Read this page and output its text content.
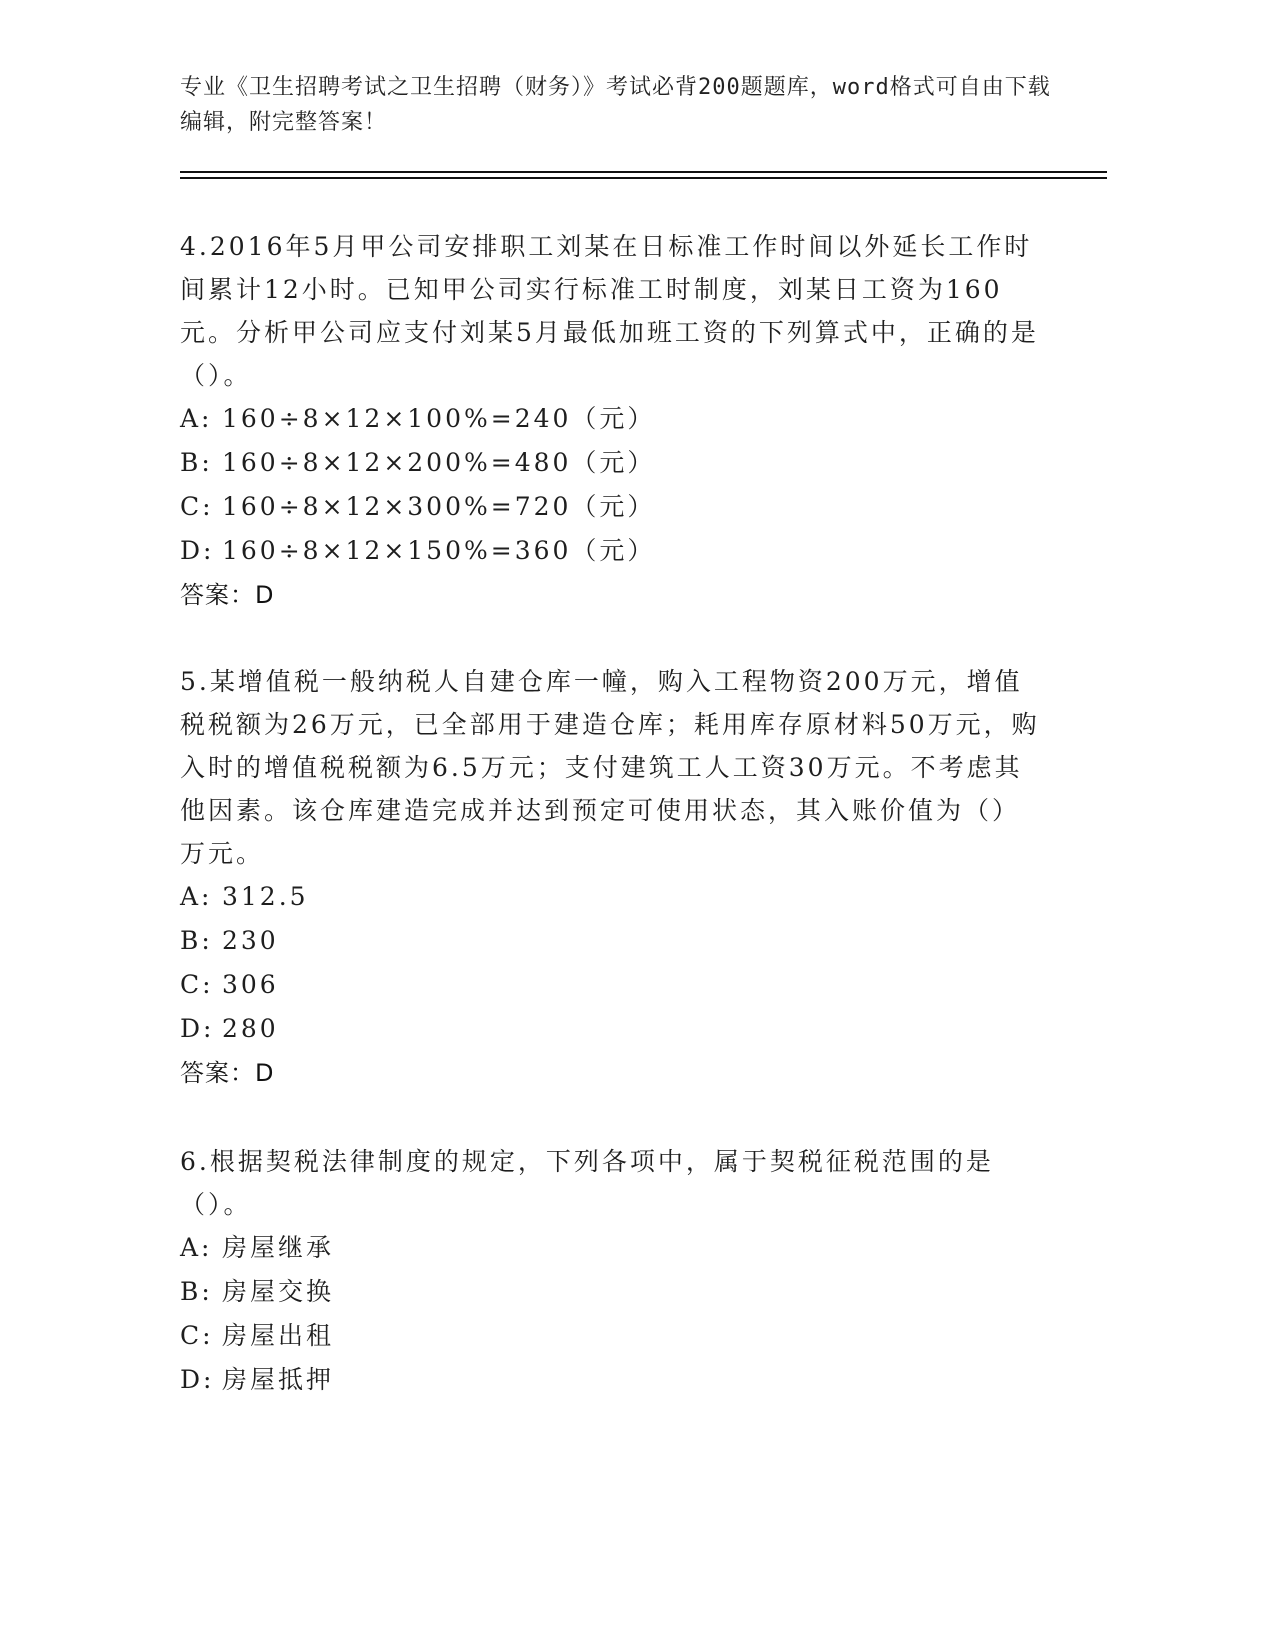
专业《卫生招聘考试之卫生招聘（财务）》考试必背200题题库，word格式可自由下载编辑，附完整答案！

4.2016年5月甲公司安排职工刘某在日标准工作时间以外延长工作时间累计12小时。已知甲公司实行标准工时制度，刘某日工资为160元。分析甲公司应支付刘某5月最低加班工资的下列算式中，正确的是（）。

A: 160÷8×12×100%=240（元）

B: 160÷8×12×200%=480（元）

C: 160÷8×12×300%=720（元）

D: 160÷8×12×150%=360（元）

答案：D

5.某增值税一般纳税人自建仓库一幢，购入工程物资200万元，增值税税额为26万元，已全部用于建造仓库；耗用库存原材料50万元，购入时的增值税税额为6.5万元；支付建筑工人工资30万元。不考虑其他因素。该仓库建造完成并达到预定可使用状态，其入账价值为（）万元。

A: 312.5

B: 230

C: 306

D: 280

答案：D

6.根据契税法律制度的规定，下列各项中，属于契税征税范围的是（）。

A: 房屋继承

B: 房屋交换

C: 房屋出租

D: 房屋抵押
